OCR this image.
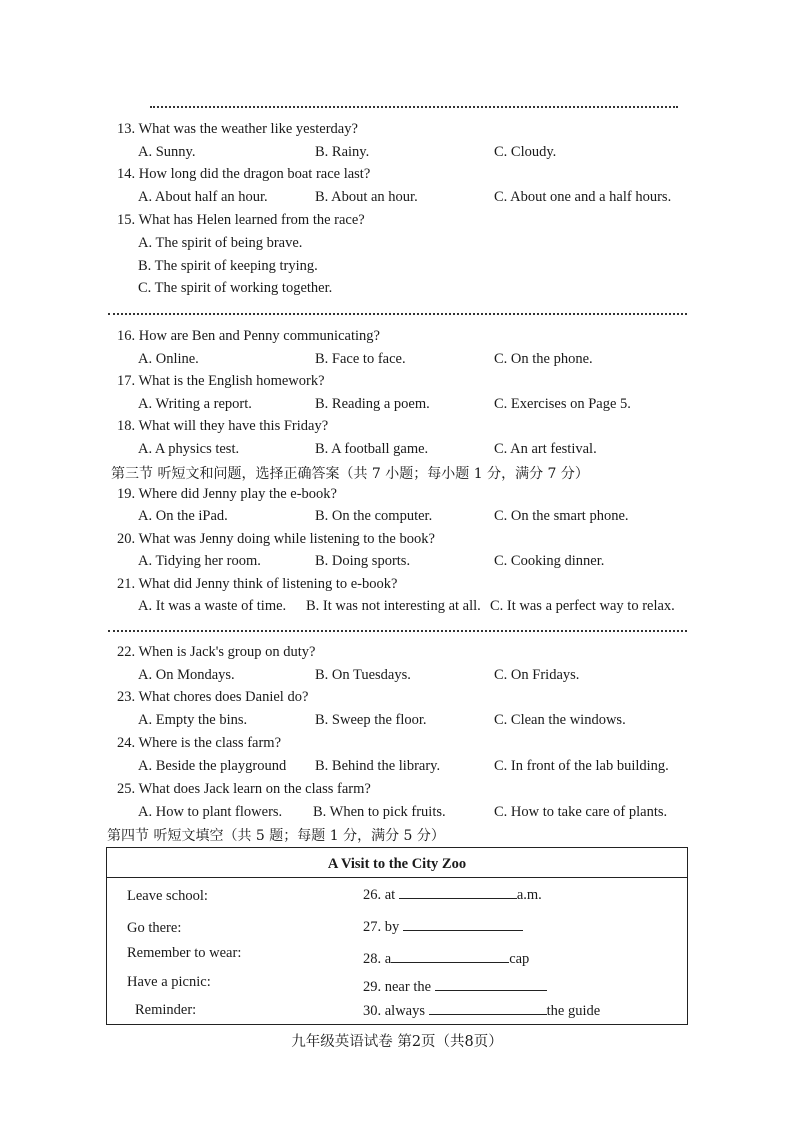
13. What was the weather like yesterday?
A. Sunny.	B. Rainy.	C. Cloudy.
14. How long did the dragon boat race last?
A. About half an hour.	B. About an hour.	C. About one and a half hours.
15. What has Helen learned from the race?
A. The spirit of being brave.
B. The spirit of keeping trying.
C. The spirit of working together.
16. How are Ben and Penny communicating?
A. Online.	B. Face to face.	C. On the phone.
17. What is the English homework?
A. Writing a report.	B. Reading a poem.	C. Exercises on Page 5.
18. What will they have this Friday?
A. A physics test.	B. A football game.	C. An art festival.
第三节 听短文和问题，选择正确答案（共 7 小题；每小题 1 分，满分 7 分）
19. Where did Jenny play the e-book?
A. On the iPad.	B. On the computer.	C. On the smart phone.
20. What was Jenny doing while listening to the book?
A. Tidying her room.	B. Doing sports.	C. Cooking dinner.
21. What did Jenny think of listening to e-book?
A. It was a waste of time. B. It was not interesting at all. C. It was a perfect way to relax.
22. When is Jack's group on duty?
A. On Mondays.	B. On Tuesdays.	C. On Fridays.
23. What chores does Daniel do?
A. Empty the bins.	B. Sweep the floor.	C. Clean the windows.
24. Where is the class farm?
A. Beside the playground B. Behind the library.	C. In front of the lab building.
25. What does Jack learn on the class farm?
A. How to plant flowers. B. When to pick fruits.	C. How to take care of plants.
第四节 听短文填空（共 5 题；每题 1 分，满分 5 分）
A Visit to the City Zoo
Leave school:	26. at	a.m.
Go there:	27. by
Remember to wear:	28. a	cap
Have a picnic:	29. near the
Reminder:	30. always	the guide
九年级英语试卷 第2页（共8页）
